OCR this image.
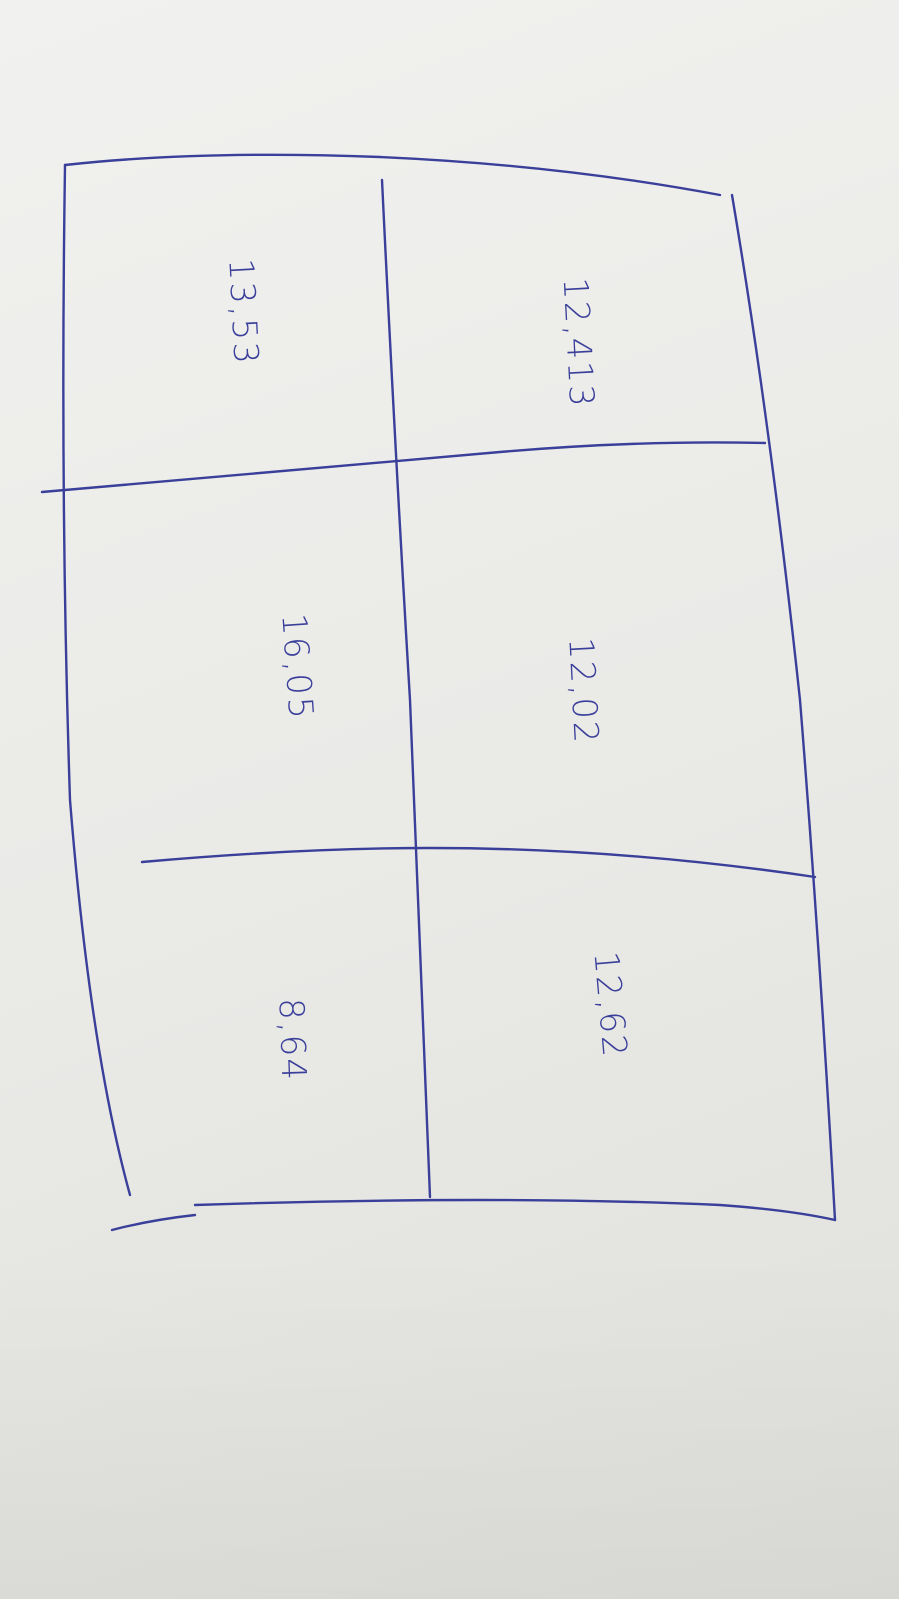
13,53	12,413
16,05	12,02
8,64	12,62
